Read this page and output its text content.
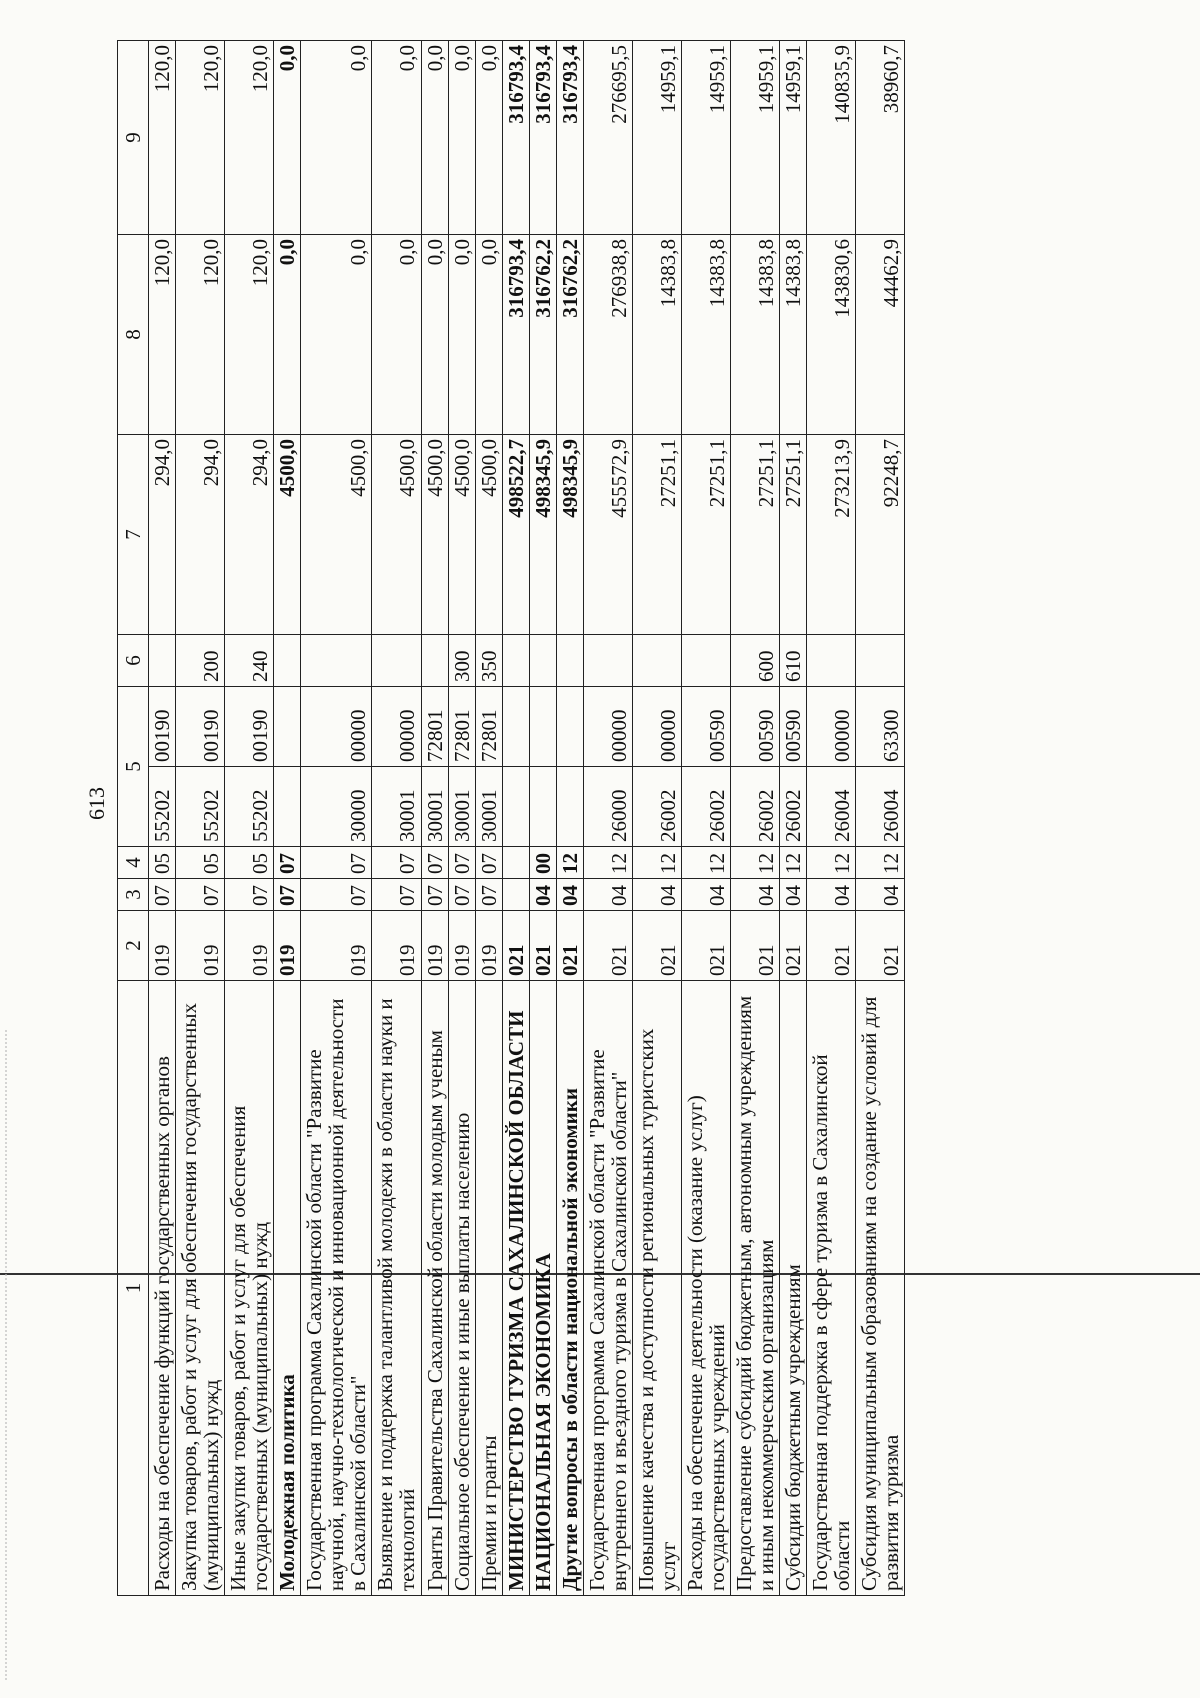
613
1	2	3	4	5		6	7	8	9
Расходы на обеспечение функций государственных органов	019	07	05	55202	00190		294,0	120,0	120,0
Закупка товаров, работ и услуг для обеспечения государственных (муниципальных) нужд	019	07	05	55202	00190	200	294,0	120,0	120,0
Иные закупки товаров, работ и услуг для обеспечения государственных (муниципальных) нужд	019	07	05	55202	00190	240	294,0	120,0	120,0
Молодежная политика	019	07	07				4500,0	0,0	0,0
Государственная программа Сахалинской области "Развитие научной, научно-технологической и инновационной деятельности в Сахалинской области"	019	07	07	30000	00000		4500,0	0,0	0,0
Выявление и поддержка талантливой молодежи в области науки и технологий	019	07	07	30001	00000		4500,0	0,0	0,0
Гранты Правительства Сахалинской области молодым ученым	019	07	07	30001	72801		4500,0	0,0	0,0
Социальное обеспечение и иные выплаты населению	019	07	07	30001	72801	300	4500,0	0,0	0,0
Премии и гранты	019	07	07	30001	72801	350	4500,0	0,0	0,0
МИНИСТЕРСТВО ТУРИЗМА САХАЛИНСКОЙ ОБЛАСТИ	021						498522,7	316793,4	316793,4
НАЦИОНАЛЬНАЯ ЭКОНОМИКА	021	04	00				498345,9	316762,2	316793,4
Другие вопросы в области национальной экономики	021	04	12				498345,9	316762,2	316793,4
Государственная программа Сахалинской области "Развитие внутреннего и въездного туризма в Сахалинской области"	021	04	12	26000	00000		455572,9	276938,8	276695,5
Повышение качества и доступности региональных туристских услуг	021	04	12	26002	00000		27251,1	14383,8	14959,1
Расходы на обеспечение деятельности (оказание услуг) государственных учреждений	021	04	12	26002	00590		27251,1	14383,8	14959,1
Предоставление субсидий бюджетным, автономным учреждениям и иным некоммерческим организациям	021	04	12	26002	00590	600	27251,1	14383,8	14959,1
Субсидии бюджетным учреждениям	021	04	12	26002	00590	610	27251,1	14383,8	14959,1
Государственная поддержка в сфере туризма в Сахалинской области	021	04	12	26004	00000		273213,9	143830,6	140835,9
Субсидия муниципальным образованиям на создание условий для развития туризма	021	04	12	26004	63300		92248,7	44462,9	38960,7
